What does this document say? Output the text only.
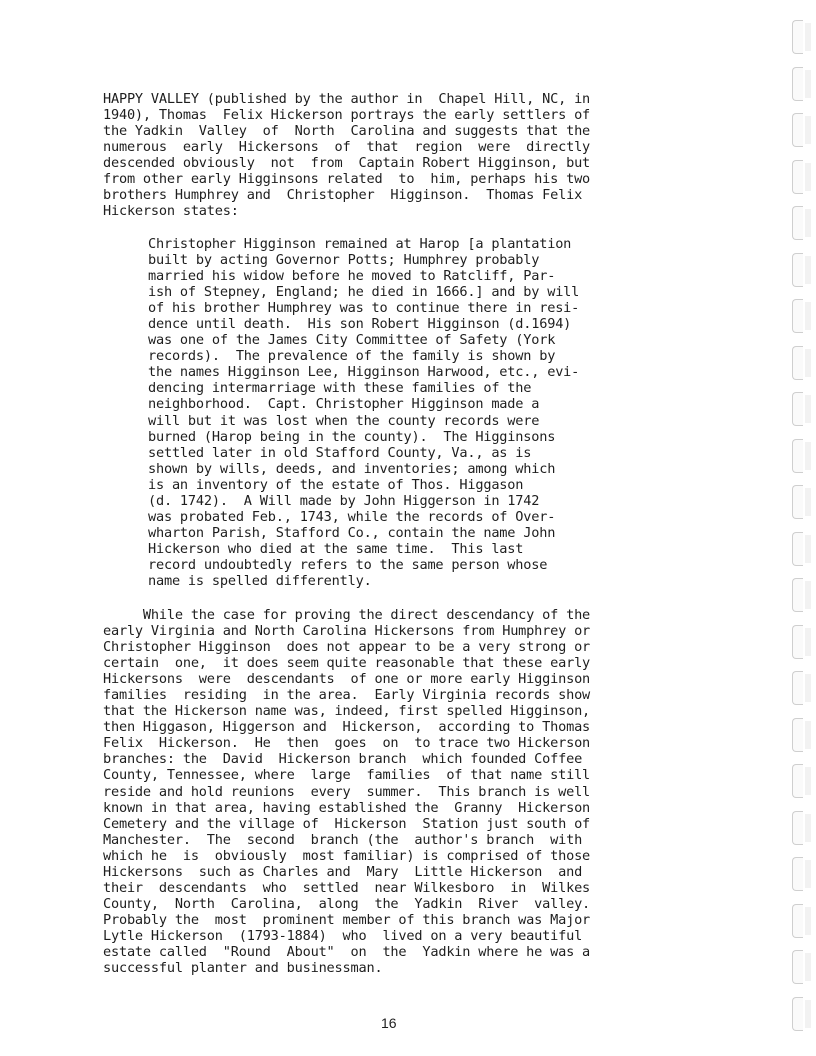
HAPPY VALLEY (published by the author in  Chapel Hill, NC, in
1940), Thomas  Felix Hickerson portrays the early settlers of
the Yadkin  Valley  of  North  Carolina and suggests that the
numerous  early  Hickersons  of  that  region  were  directly
descended obviously  not  from  Captain Robert Higginson, but
from other early Higginsons related  to  him, perhaps his two
brothers Humphrey and  Christopher  Higginson.  Thomas Felix
Hickerson states:
Christopher Higginson remained at Harop [a plantation
built by acting Governor Potts; Humphrey probably
married his widow before he moved to Ratcliff, Par-
ish of Stepney, England; he died in 1666.] and by will
of his brother Humphrey was to continue there in resi-
dence until death.  His son Robert Higginson (d.1694)
was one of the James City Committee of Safety (York
records).  The prevalence of the family is shown by
the names Higginson Lee, Higginson Harwood, etc., evi-
dencing intermarriage with these families of the
neighborhood.  Capt. Christopher Higginson made a
will but it was lost when the county records were
burned (Harop being in the county).  The Higginsons
settled later in old Stafford County, Va., as is
shown by wills, deeds, and inventories; among which
is an inventory of the estate of Thos. Higgason
(d. 1742).  A Will made by John Higgerson in 1742
was probated Feb., 1743, while the records of Over-
wharton Parish, Stafford Co., contain the name John
Hickerson who died at the same time.  This last
record undoubtedly refers to the same person whose
name is spelled differently.
While the case for proving the direct descendancy of the
early Virginia and North Carolina Hickersons from Humphrey or
Christopher Higginson  does not appear to be a very strong or
certain  one,  it does seem quite reasonable that these early
Hickersons  were  descendants  of one or more early Higginson
families  residing  in the area.  Early Virginia records show
that the Hickerson name was, indeed, first spelled Higginson,
then Higgason, Higgerson and  Hickerson,  according to Thomas
Felix  Hickerson.  He  then  goes  on  to trace two Hickerson
branches: the  David  Hickerson branch  which founded Coffee
County, Tennessee, where  large  families  of that name still
reside and hold reunions  every  summer.  This branch is well
known in that area, having established the  Granny  Hickerson
Cemetery and the village of  Hickerson  Station just south of
Manchester.  The  second  branch (the  author's branch  with
which he  is  obviously  most familiar) is comprised of those
Hickersons  such as Charles and  Mary  Little Hickerson  and
their  descendants  who  settled  near Wilkesboro  in  Wilkes
County,  North  Carolina,  along  the  Yadkin  River  valley.
Probably the  most  prominent member of this branch was Major
Lytle Hickerson  (1793-1884)  who  lived on a very beautiful
estate called  "Round  About"  on  the  Yadkin where he was a
successful planter and businessman.
16
